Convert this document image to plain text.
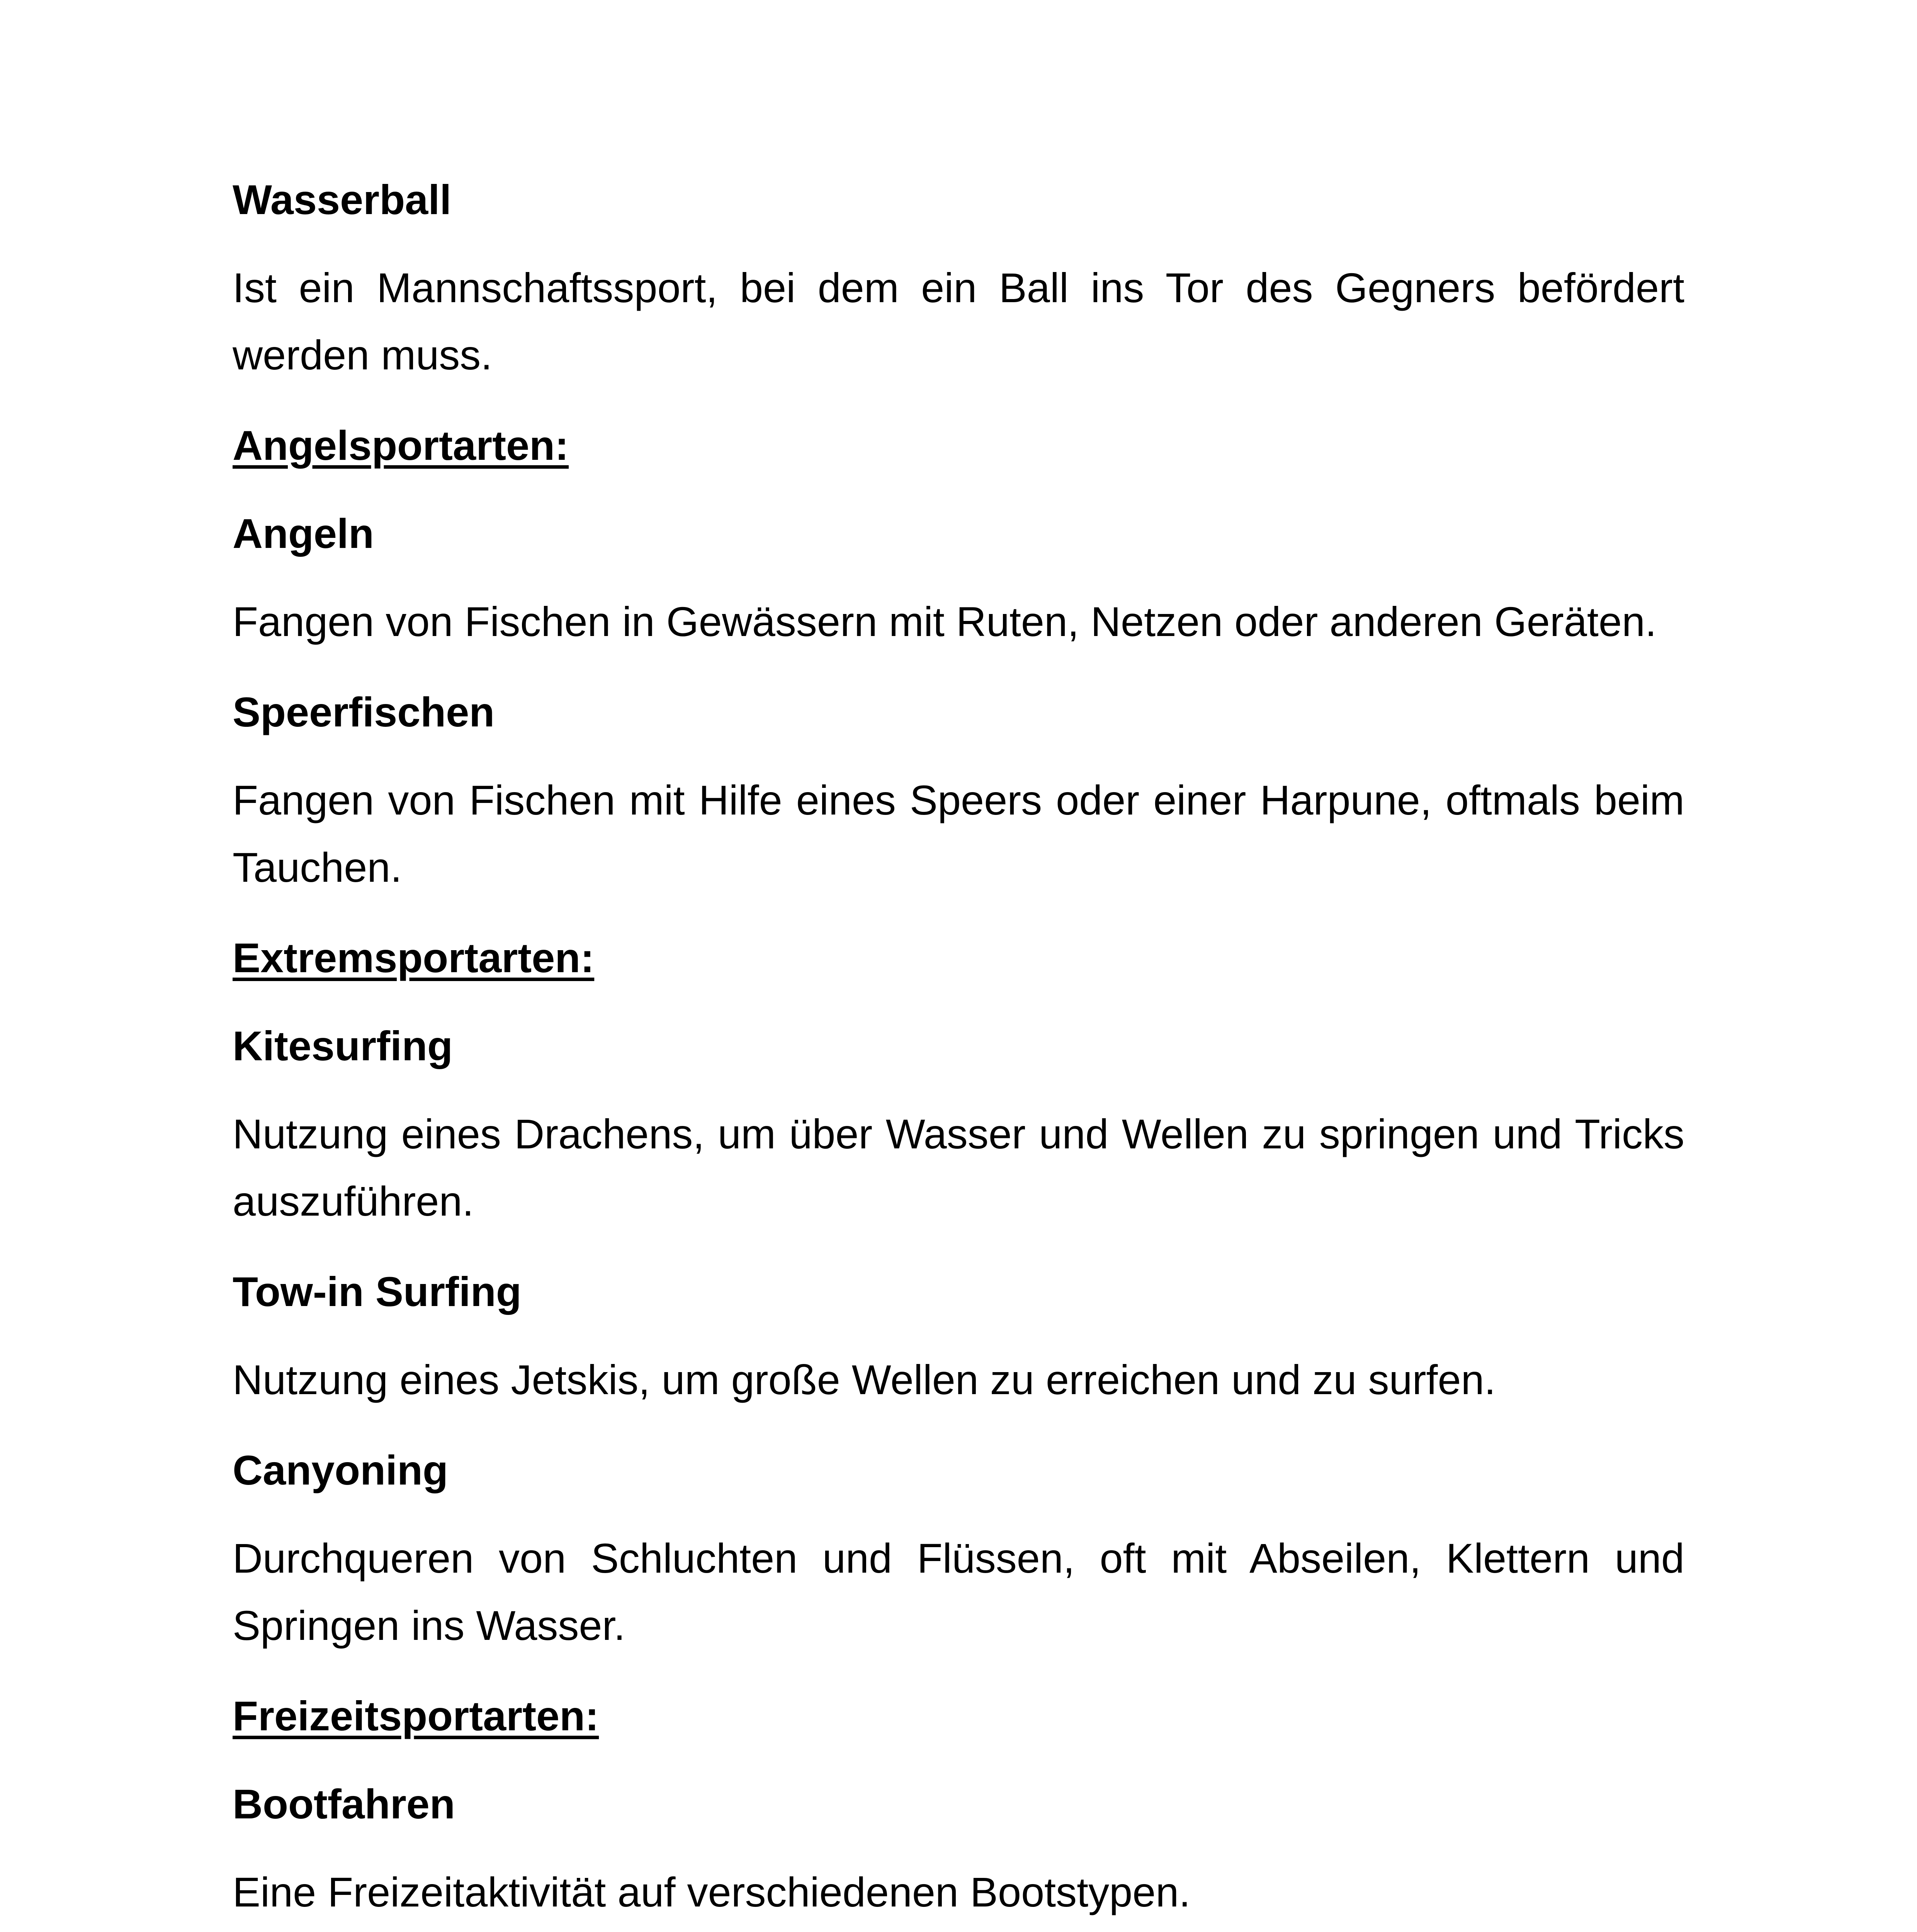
Wasserball

Ist ein Mannschaftssport, bei dem ein Ball ins Tor des Gegners befördert werden muss.

Angelsportarten:

Angeln

Fangen von Fischen in Gewässern mit Ruten, Netzen oder anderen Geräten.

Speerfischen

Fangen von Fischen mit Hilfe eines Speers oder einer Harpune, oftmals beim Tauchen.

Extremsportarten:

Kitesurfing

Nutzung eines Drachens, um über Wasser und Wellen zu springen und Tricks auszuführen.

Tow-in Surfing

Nutzung eines Jetskis, um große Wellen zu erreichen und zu surfen.

Canyoning

Durchqueren von Schluchten und Flüssen, oft mit Abseilen, Klettern und Springen ins Wasser.

Freizeitsportarten:

Bootfahren

Eine Freizeitaktivität auf verschiedenen Bootstypen.
